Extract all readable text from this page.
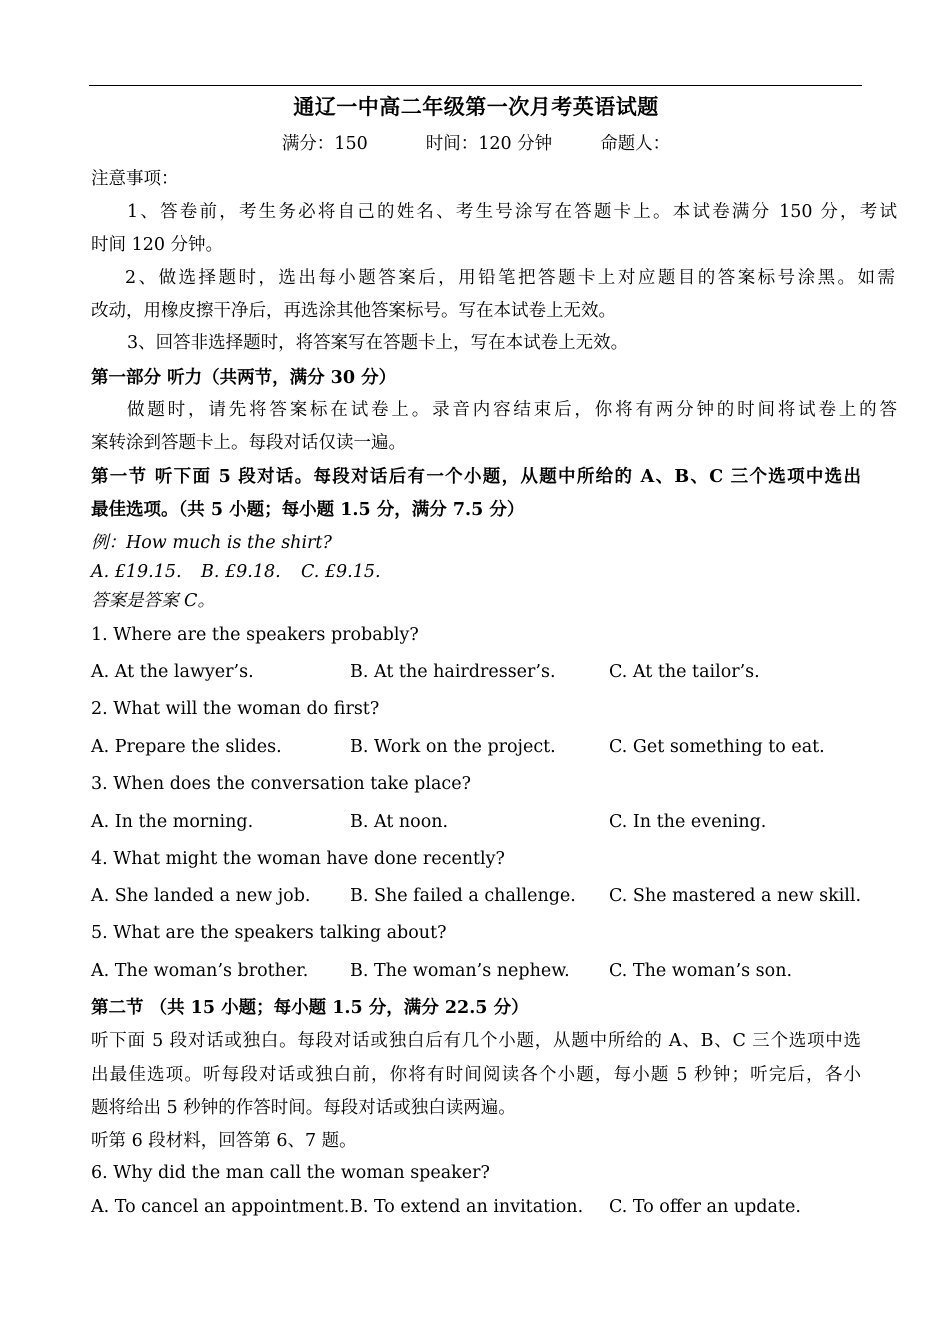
通辽一中高二年级第一次月考英语试题
满分：150	时间：120 分钟	命题人：
注意事项：
1、答卷前，考生务必将自己的姓名、考生号涂写在答题卡上。本试卷满分 150 分，考试
时间 120 分钟。
2、做选择题时，选出每小题答案后，用铅笔把答题卡上对应题目的答案标号涂黑。如需
改动，用橡皮擦干净后，再选涂其他答案标号。写在本试卷上无效。
3、回答非选择题时，将答案写在答题卡上，写在本试卷上无效。
第一部分 听力（共两节，满分 30 分）
做题时，请先将答案标在试卷上。录音内容结束后，你将有两分钟的时间将试卷上的答
案转涂到答题卡上。每段对话仅读一遍。
第一节 听下面 5 段对话。每段对话后有一个小题，从题中所给的 A、B、C 三个选项中选出
最佳选项。（共 5 小题；每小题 1.5 分，满分 7.5 分）
例：How much is the shirt?
A. £19.15. B. £9.18. C. £9.15.
答案是答案 C。
1. Where are the speakers probably?
A. At the lawyer’s.	B. At the hairdresser’s.	C. At the tailor’s.
2. What will the woman do first?
A. Prepare the slides.	B. Work on the project.	C. Get something to eat.
3. When does the conversation take place?
A. In the morning.	B. At noon.	C. In the evening.
4. What might the woman have done recently?
A. She landed a new job. B. She failed a challenge. C. She mastered a new skill.
5. What are the speakers talking about?
A. The woman’s brother. B. The woman’s nephew. C. The woman’s son.
第二节 （共 15 小题；每小题 1.5 分，满分 22.5 分）
听下面 5 段对话或独白。每段对话或独白后有几个小题，从题中所给的 A、B、C 三个选项中选
出最佳选项。听每段对话或独白前，你将有时间阅读各个小题，每小题 5 秒钟；听完后，各小
题将给出 5 秒钟的作答时间。每段对话或独白读两遍。
听第 6 段材料，回答第 6、7 题。
6. Why did the man call the woman speaker?
A. To cancel an appointment. B. To extend an invitation. C. To offer an update.
